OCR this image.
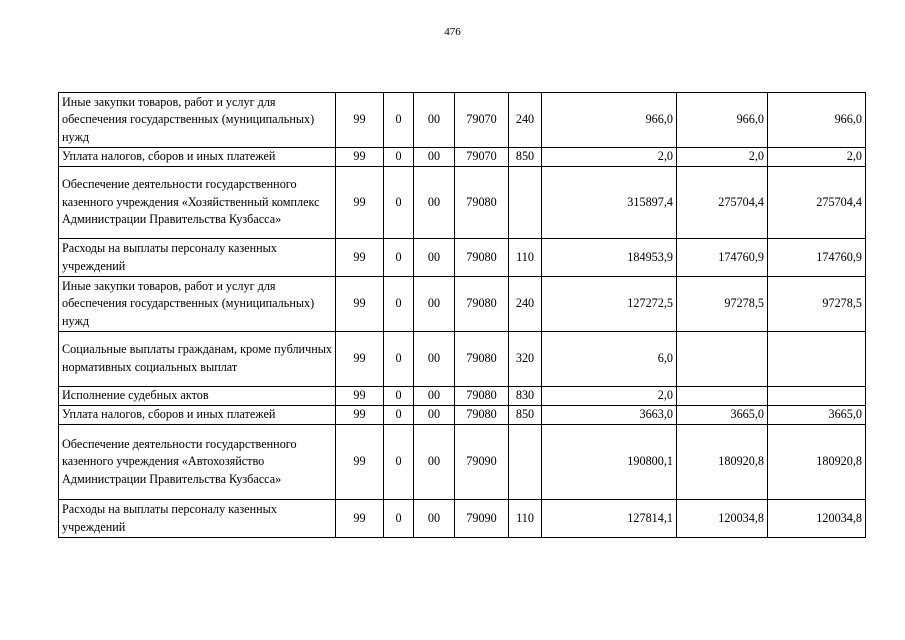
476
Иные закупки товаров, работ и услуг для обеспечения государственных (муниципальных) нужд	99	0	00	79070	240	966,0	966,0	966,0
Уплата налогов, сборов и иных платежей	99	0	00	79070	850	2,0	2,0	2,0
Обеспечение деятельности государственного казенного учреждения «Хозяйственный комплекс Администрации Правительства Кузбасса»	99	0	00	79080		315897,4	275704,4	275704,4
Расходы на выплаты персоналу казенных учреждений	99	0	00	79080	110	184953,9	174760,9	174760,9
Иные закупки товаров, работ и услуг для обеспечения государственных (муниципальных) нужд	99	0	00	79080	240	127272,5	97278,5	97278,5
Социальные выплаты гражданам, кроме публичных нормативных социальных выплат	99	0	00	79080	320	6,0		
Исполнение судебных актов	99	0	00	79080	830	2,0		
Уплата налогов, сборов и иных платежей	99	0	00	79080	850	3663,0	3665,0	3665,0
Обеспечение деятельности государственного казенного учреждения «Автохозяйство Администрации Правительства Кузбасса»	99	0	00	79090		190800,1	180920,8	180920,8
Расходы на выплаты персоналу казенных учреждений	99	0	00	79090	110	127814,1	120034,8	120034,8
